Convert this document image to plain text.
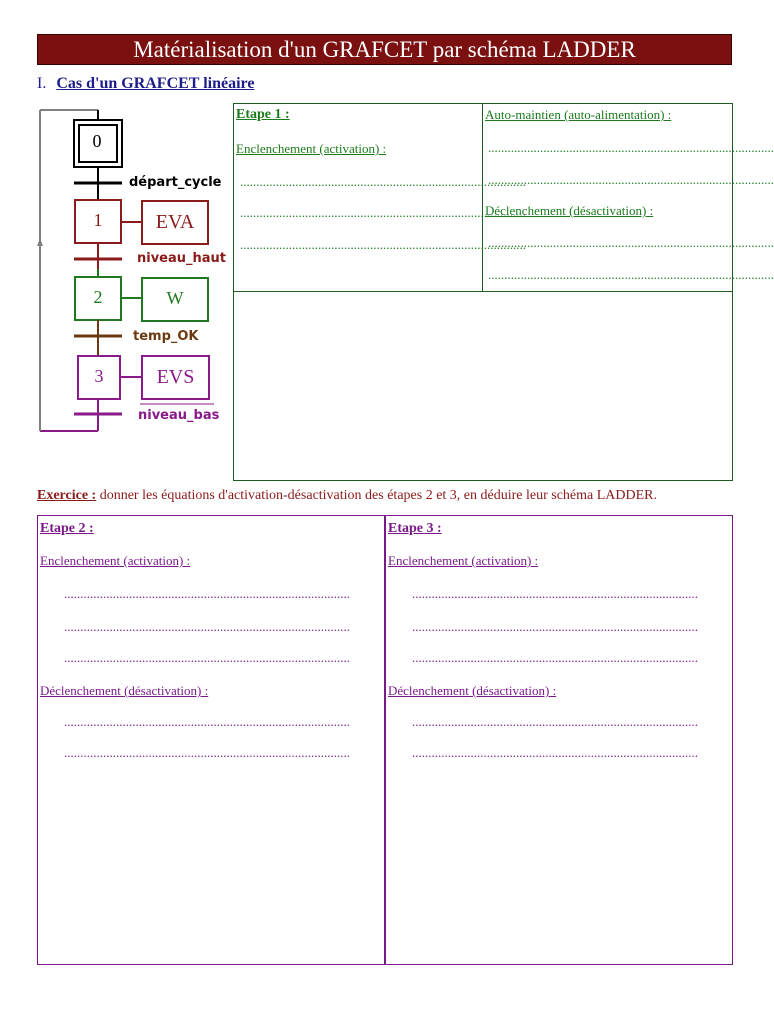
Matérialisation d'un GRAFCET par schéma LADDER
I. Cas d'un GRAFCET linéaire
0
1	EVA
2	W
3	EVS
départ_cycle
niveau_haut
temp_OK
niveau_bas
Etape 1 :
Enclenchement (activation) :
........................................................................................
........................................................................................
........................................................................................
Auto-maintien (auto-alimentation) :
........................................................................................
........................................................................................
Déclenchement (désactivation) :
........................................................................................
........................................................................................
Exercice : donner les équations d'activation-désactivation des étapes 2 et 3, en déduire leur schéma LADDER.
Etape 2 :
Enclenchement (activation) :
........................................................................................
........................................................................................
........................................................................................
Déclenchement (désactivation) :
........................................................................................
........................................................................................
Etape 3 :
Enclenchement (activation) :
........................................................................................
........................................................................................
........................................................................................
Déclenchement (désactivation) :
........................................................................................
........................................................................................
